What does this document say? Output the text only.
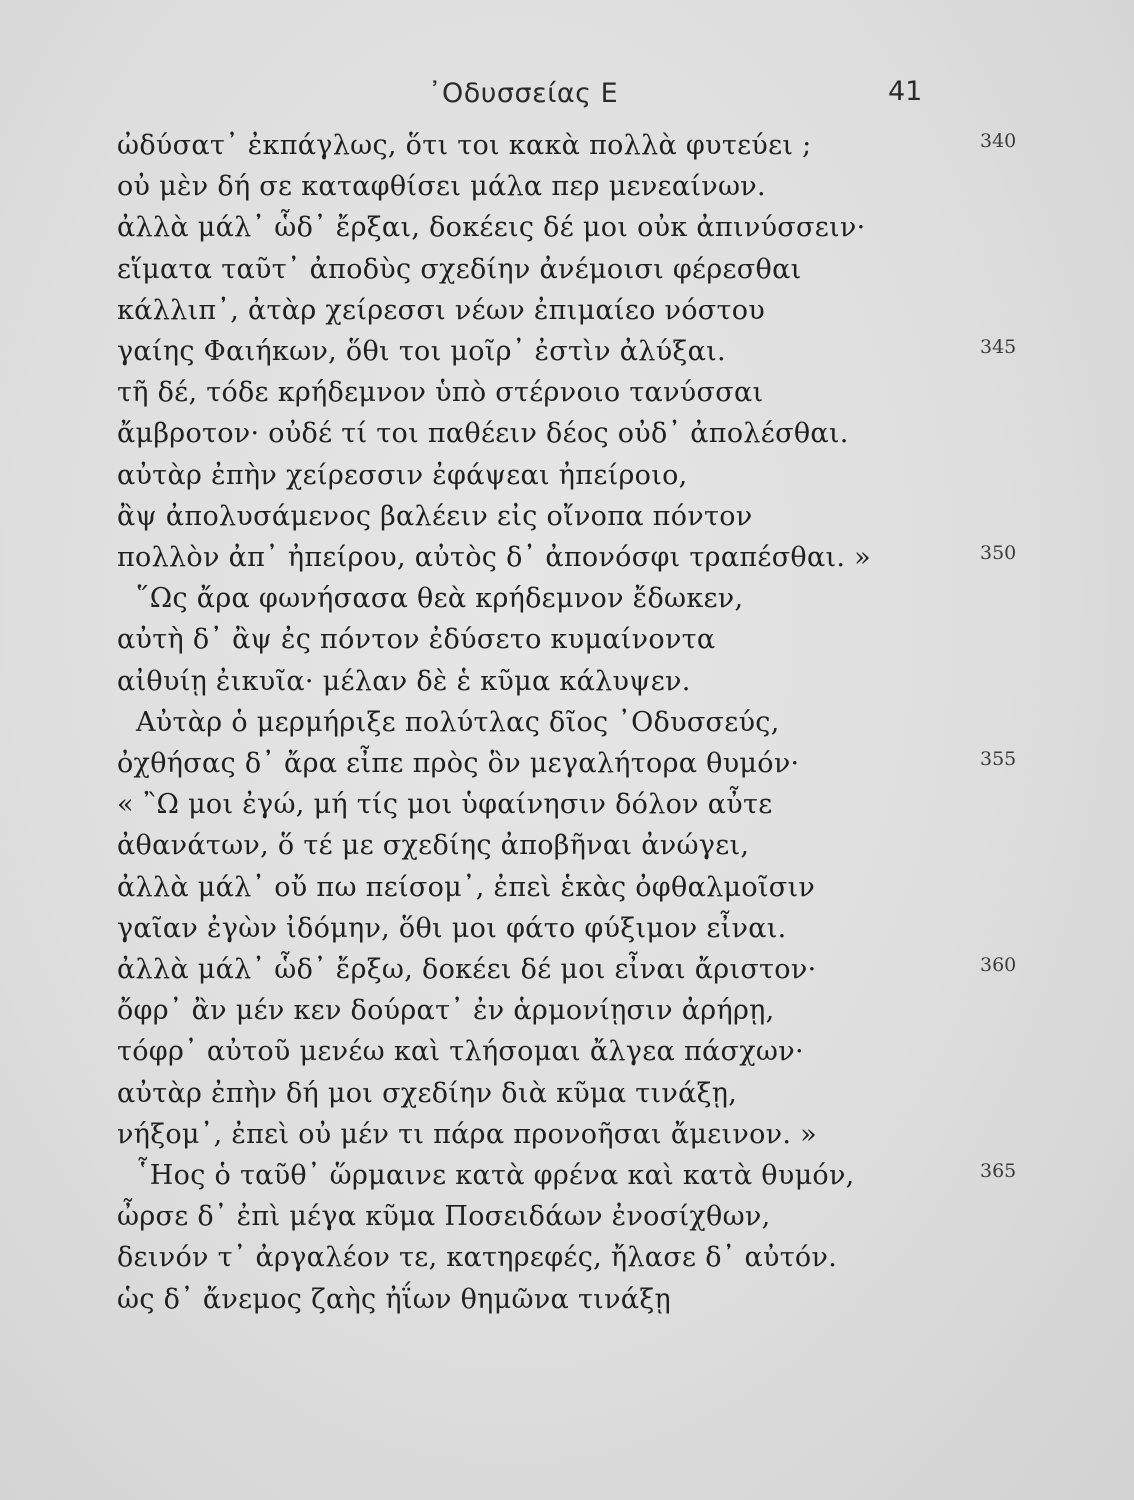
᾽Οδυσσείας Ε	41
ὠδύσατ᾽ ἐκπάγλως, ὅτι τοι κακὰ πολλὰ φυτεύει ;	340
οὐ μὲν δή σε καταφθίσει μάλα περ μενεαίνων.
ἀλλὰ μάλ᾽ ὧδ᾽ ἔρξαι, δοκέεις δέ μοι οὐκ ἀπινύσσειν·
εἵματα ταῦτ᾽ ἀποδὺς σχεδίην ἀνέμοισι φέρεσθαι
κάλλιπ᾽, ἀτὰρ χείρεσσι νέων ἐπιμαίεο νόστου
γαίης Φαιήκων, ὅθι τοι μοῖρ᾽ ἐστὶν ἀλύξαι.	345
τῆ δέ, τόδε κρήδεμνον ὑπὸ στέρνοιο τανύσσαι
ἄμβροτον· οὐδέ τί τοι παθέειν δέος οὐδ᾽ ἀπολέσθαι.
αὐτὰρ ἐπὴν χείρεσσιν ἐφάψεαι ἠπείροιο,
ἂψ ἀπολυσάμενος βαλέειν εἰς οἴνοπα πόντον
πολλὸν ἀπ᾽ ἠπείρου, αὐτὸς δ᾽ ἀπονόσφι τραπέσθαι. »	350
῞Ως ἄρα φωνήσασα θεὰ κρήδεμνον ἔδωκεν,
αὐτὴ δ᾽ ἂψ ἐς πόντον ἐδύσετο κυμαίνοντα
αἰθυίῃ ἐικυῖα· μέλαν δὲ ἑ κῦμα κάλυψεν.
Αὐτὰρ ὁ μερμήριξε πολύτλας δῖος ᾽Οδυσσεύς,
ὀχθήσας δ᾽ ἄρα εἶπε πρὸς ὃν μεγαλήτορα θυμόν·	355
« ῍Ω μοι ἐγώ, μή τίς μοι ὑφαίνησιν δόλον αὖτε
ἀθανάτων, ὅ τέ με σχεδίης ἀποβῆναι ἀνώγει,
ἀλλὰ μάλ᾽ οὔ πω πείσομ᾽, ἐπεὶ ἑκὰς ὀφθαλμοῖσιν
γαῖαν ἐγὼν ἰδόμην, ὅθι μοι φάτο φύξιμον εἶναι.
ἀλλὰ μάλ᾽ ὧδ᾽ ἔρξω, δοκέει δέ μοι εἶναι ἄριστον·	360
ὄφρ᾽ ἂν μέν κεν δούρατ᾽ ἐν ἁρμονίῃσιν ἀρήρῃ,
τόφρ᾽ αὐτοῦ μενέω καὶ τλήσομαι ἄλγεα πάσχων·
αὐτὰρ ἐπὴν δή μοι σχεδίην διὰ κῦμα τινάξῃ,
νήξομ᾽, ἐπεὶ οὐ μέν τι πάρα προνοῆσαι ἄμεινον. »
῟Ηος ὁ ταῦθ᾽ ὥρμαινε κατὰ φρένα καὶ κατὰ θυμόν,	365
ὦρσε δ᾽ ἐπὶ μέγα κῦμα Ποσειδάων ἐνοσίχθων,
δεινόν τ᾽ ἀργαλέον τε, κατηρεφές, ἤλασε δ᾽ αὐτόν.
ὡς δ᾽ ἄνεμος ζαὴς ἠΐων θημῶνα τινάξῃ
